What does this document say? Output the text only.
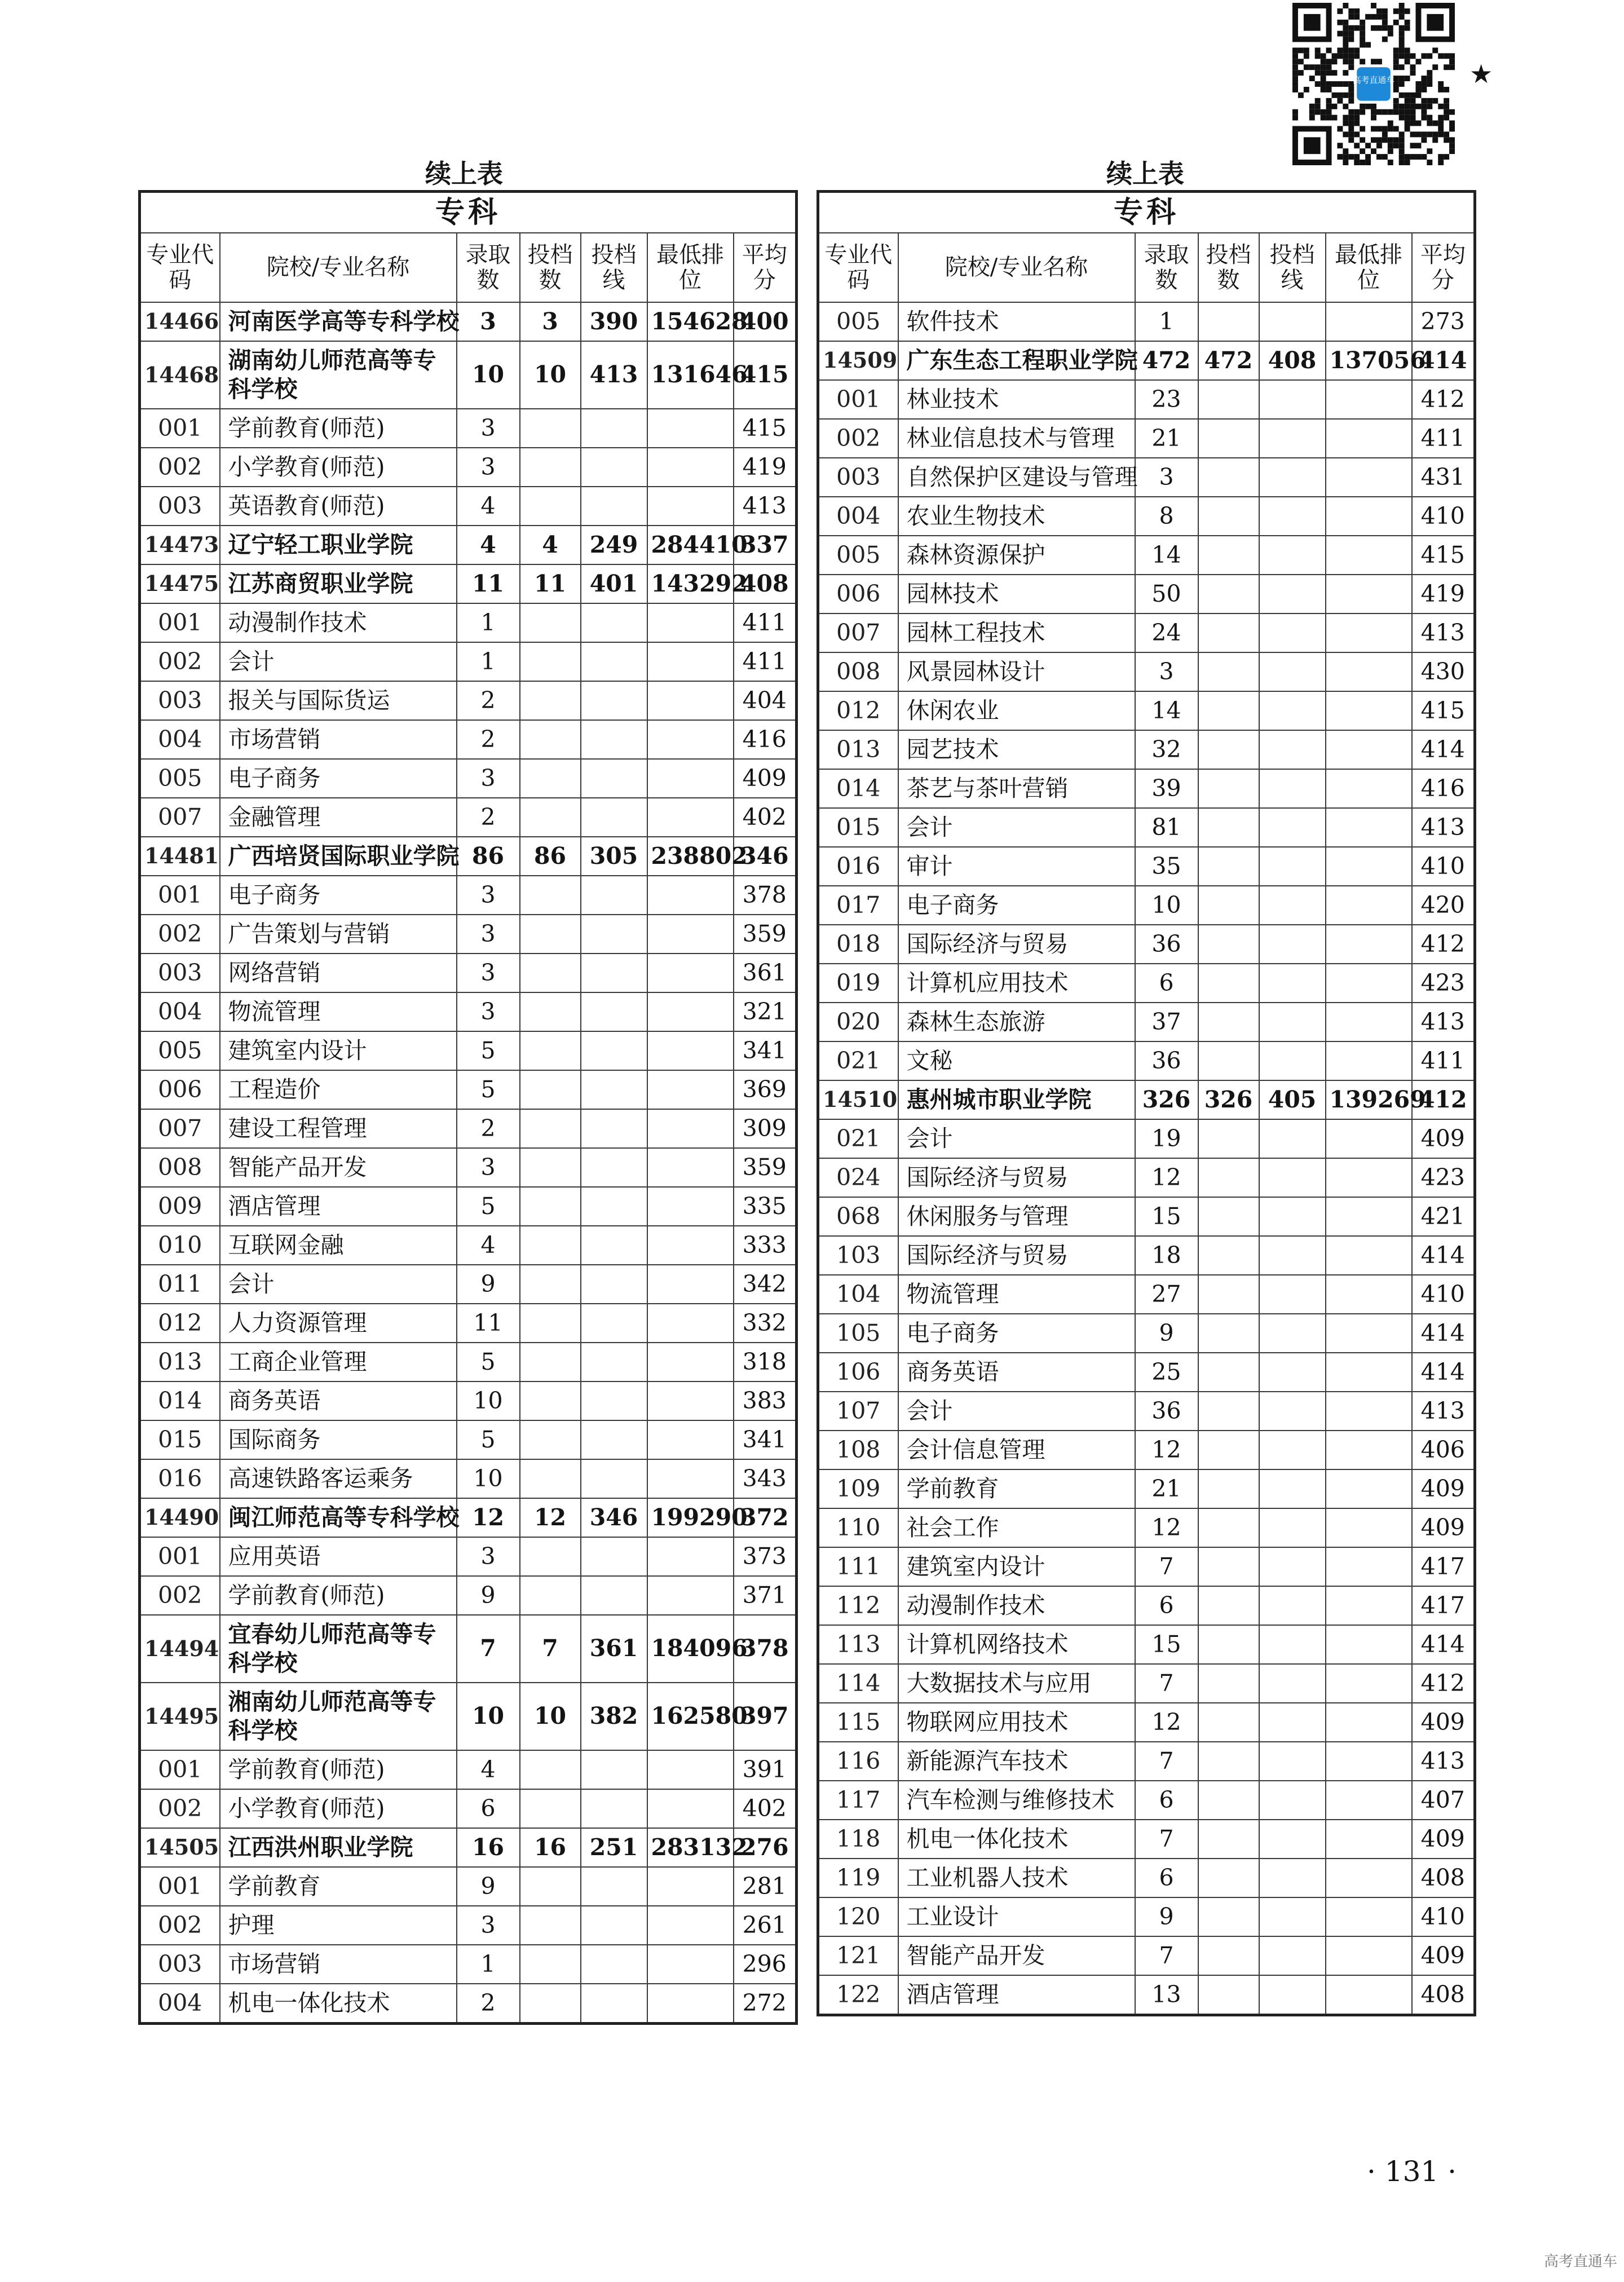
高考直通车	★
续上表	续上表
专科						
专业代码	院校/专业名称	录取数	投档数	投档线	最低排位	平均分
14466	河南医学高等专科学校	3	3	390	154628	400
14468	湖南幼儿师范高等专科学校	10	10	413	131646	415
001	学前教育(师范)	3				415
002	小学教育(师范)	3				419
003	英语教育(师范)	4				413
14473	辽宁轻工职业学院	4	4	249	284410	337
14475	江苏商贸职业学院	11	11	401	143292	408
001	动漫制作技术	1				411
002	会计	1				411
003	报关与国际货运	2				404
004	市场营销	2				416
005	电子商务	3				409
007	金融管理	2				402
14481	广西培贤国际职业学院	86	86	305	238802	346
001	电子商务	3				378
002	广告策划与营销	3				359
003	网络营销	3				361
004	物流管理	3				321
005	建筑室内设计	5				341
006	工程造价	5				369
007	建设工程管理	2				309
008	智能产品开发	3				359
009	酒店管理	5				335
010	互联网金融	4				333
011	会计	9				342
012	人力资源管理	11				332
013	工商企业管理	5				318
014	商务英语	10				383
015	国际商务	5				341
016	高速铁路客运乘务	10				343
14490	闽江师范高等专科学校	12	12	346	199290	372
001	应用英语	3				373
002	学前教育(师范)	9				371
14494	宜春幼儿师范高等专科学校	7	7	361	184096	378
14495	湘南幼儿师范高等专科学校	10	10	382	162580	397
001	学前教育(师范)	4				391
002	小学教育(师范)	6				402
14505	江西洪州职业学院	16	16	251	283132	276
001	学前教育	9				281
002	护理	3				261
003	市场营销	1				296
004	机电一体化技术	2				272
专科						
专业代码	院校/专业名称	录取数	投档数	投档线	最低排位	平均分
005	软件技术	1				273
14509	广东生态工程职业学院	472	472	408	137056	414
001	林业技术	23				412
002	林业信息技术与管理	21				411
003	自然保护区建设与管理	3				431
004	农业生物技术	8				410
005	森林资源保护	14				415
006	园林技术	50				419
007	园林工程技术	24				413
008	风景园林设计	3				430
012	休闲农业	14				415
013	园艺技术	32				414
014	茶艺与茶叶营销	39				416
015	会计	81				413
016	审计	35				410
017	电子商务	10				420
018	国际经济与贸易	36				412
019	计算机应用技术	6				423
020	森林生态旅游	37				413
021	文秘	36				411
14510	惠州城市职业学院	326	326	405	139269	412
021	会计	19				409
024	国际经济与贸易	12				423
068	休闲服务与管理	15				421
103	国际经济与贸易	18				414
104	物流管理	27				410
105	电子商务	9				414
106	商务英语	25				414
107	会计	36				413
108	会计信息管理	12				406
109	学前教育	21				409
110	社会工作	12				409
111	建筑室内设计	7				417
112	动漫制作技术	6				417
113	计算机网络技术	15				414
114	大数据技术与应用	7				412
115	物联网应用技术	12				409
116	新能源汽车技术	7				413
117	汽车检测与维修技术	6				407
118	机电一体化技术	7				409
119	工业机器人技术	6				408
120	工业设计	9				410
121	智能产品开发	7				409
122	酒店管理	13				408
· 131 ·
高考直通车
